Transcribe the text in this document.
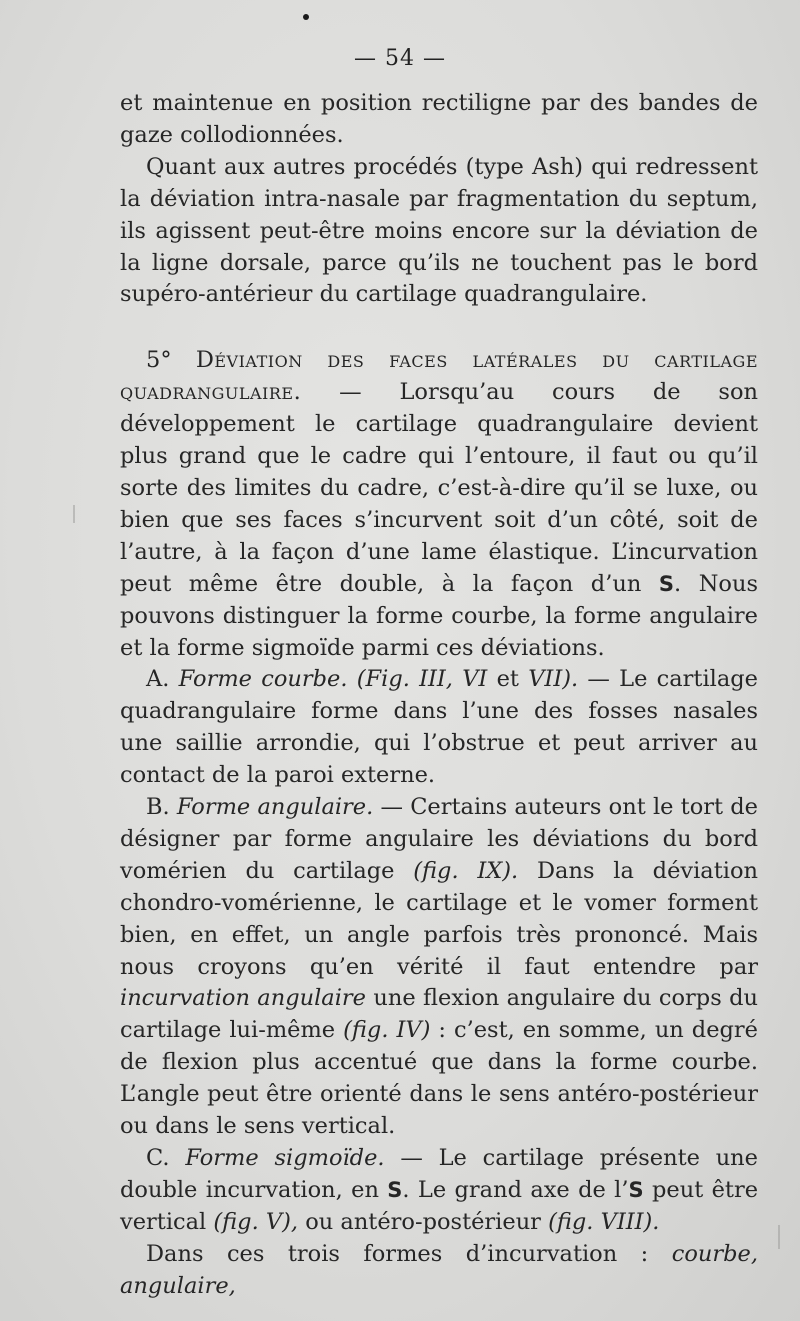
— 54 —

et maintenue en position rectiligne par des bandes de gaze collodionnées.

Quant aux autres procédés (type Ash) qui redressent la déviation intra-nasale par fragmentation du septum, ils agissent peut-être moins encore sur la déviation de la ligne dorsale, parce qu’ils ne touchent pas le bord supéro-antérieur du cartilage quadrangulaire.

5° Déviation des faces latérales du cartilage quadrangulaire. — Lorsqu’au cours de son développement le cartilage quadrangulaire devient plus grand que le cadre qui l’entoure, il faut ou qu’il sorte des limites du cadre, c’est-à-dire qu’il se luxe, ou bien que ses faces s’incurvent soit d’un côté, soit de l’autre, à la façon d’une lame élastique. L’incurvation peut même être double, à la façon d’un S. Nous pouvons distinguer la forme courbe, la forme angulaire et la forme sigmoïde parmi ces déviations.

A. Forme courbe. (Fig. III, VI et VII). — Le cartilage quadrangulaire forme dans l’une des fosses nasales une saillie arrondie, qui l’obstrue et peut arriver au contact de la paroi externe.

B. Forme angulaire. — Certains auteurs ont le tort de désigner par forme angulaire les déviations du bord vomérien du cartilage (fig. IX). Dans la déviation chondro-vomérienne, le cartilage et le vomer forment bien, en effet, un angle parfois très prononcé. Mais nous croyons qu’en vérité il faut entendre par incurvation angulaire une flexion angulaire du corps du cartilage lui-même (fig. IV) : c’est, en somme, un degré de flexion plus accentué que dans la forme courbe. L’angle peut être orienté dans le sens antéro-postérieur ou dans le sens vertical.

C. Forme sigmoïde. — Le cartilage présente une double incurvation, en S. Le grand axe de l’S peut être vertical (fig. V), ou antéro-postérieur (fig. VIII).

Dans ces trois formes d’incurvation : courbe, angulaire,
